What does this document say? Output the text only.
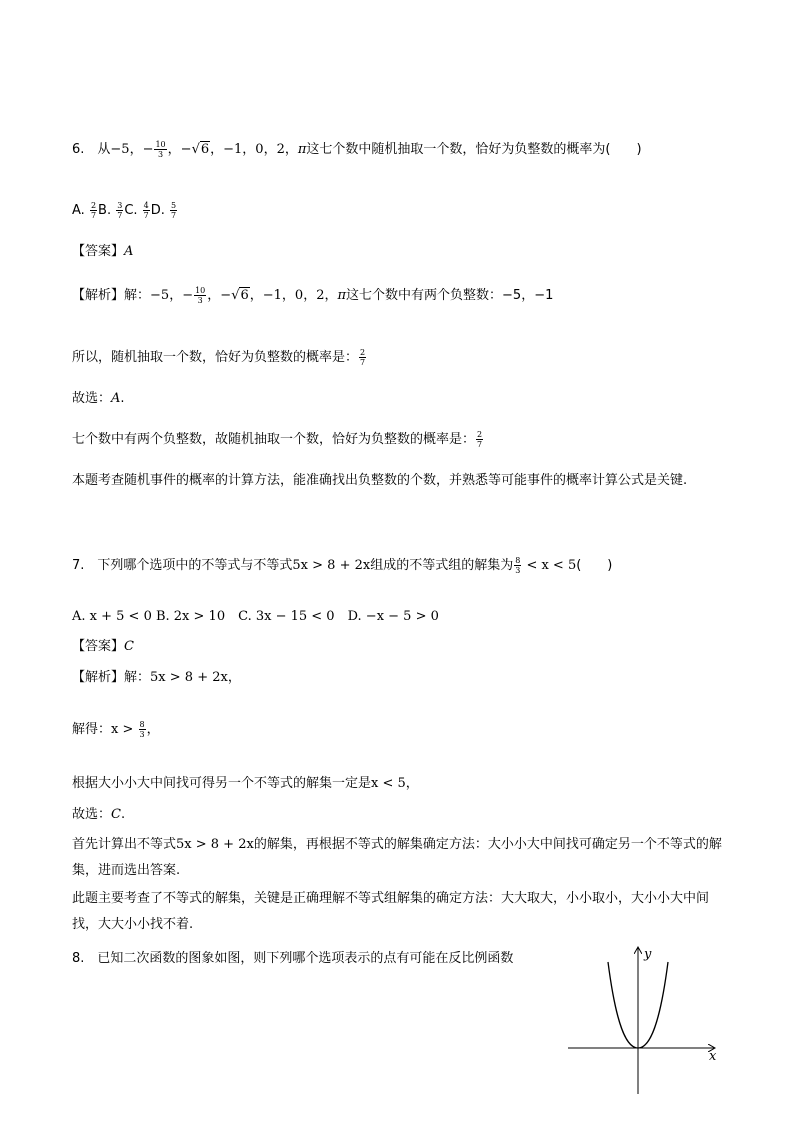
6.　从−5，− $\frac{10}{3}$ ，−√6，−1，0，2，π这七个数中随机抽取一个数，恰好为负整数的概率为(　　)
A. $\frac{2}{7} B$. $\frac{3}{7} C$. $\frac{4}{7} D$. $\frac{5}{7}$
【答案】A
【解析】解：−5，− $\frac{10}{3}$ ，−√6，−1，0，2，π这七个数中有两个负整数：−5，−1
所以，随机抽取一个数，恰好为负整数的概率是： $\frac{2}{7}$
故选：A.
七个数中有两个负整数，故随机抽取一个数，恰好为负整数的概率是： $\frac{2}{7}$
本题考查随机事件的概率的计算方法，能准确找出负整数的个数，并熟悉等可能事件的概率计算公式是关键.
7.　下列哪个选项中的不等式与不等式5x > 8 + 2x组成的不等式组的解集为 $\frac{8}{3} < x < 5$(　　)
A. x + 5 < 0 B. 2x > 10　C. 3x − 15 < 0　D. −x − 5 > 0
【答案】C
【解析】解：5x > 8 + 2x，
解得：$x > \frac{8}{3}$ ，
根据大小小大中间找可得另一个不等式的解集一定是x < 5，
故选：C.
首先计算出不等式5x > 8 + 2x的解集，再根据不等式的解集确定方法：大小小大中间找可确定另一个不等式的解集，进而选出答案.
此题主要考查了不等式的解集，关键是正确理解不等式组解集的确定方法：大大取大，小小取小，大小小大中间找，大大小小找不着.
8.　已知二次函数的图象如图，则下列哪个选项表示的点有可能在反比例函数	y
x
